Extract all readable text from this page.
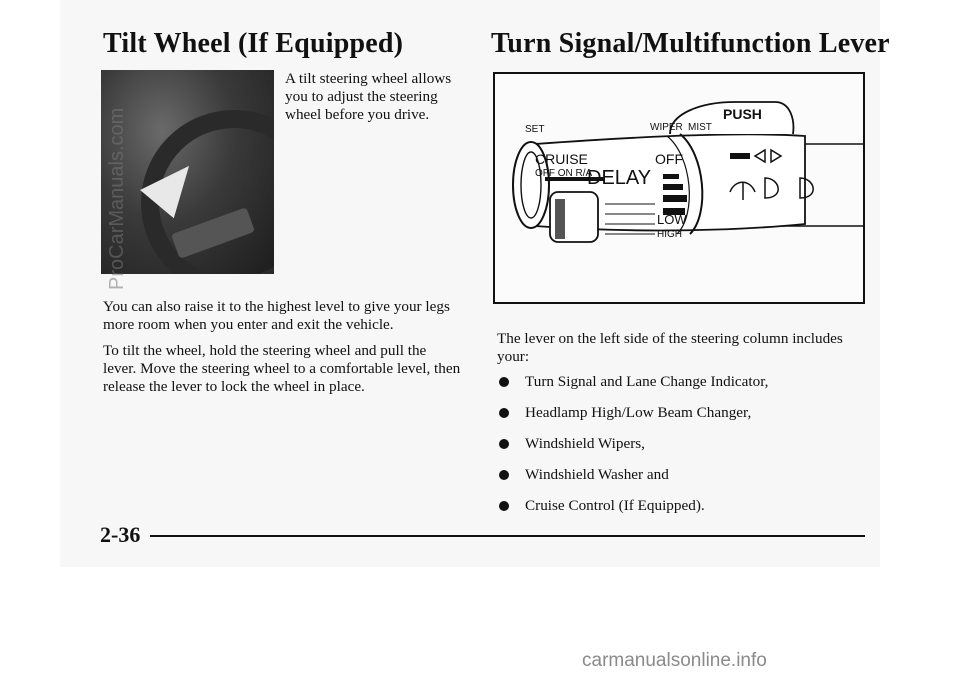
Tilt Wheel (If Equipped)	Turn Signal/Multifunction Lever
A tilt steering wheel allows you to adjust the steering wheel before you drive.
You can also raise it to the highest level to give your legs more room when you enter and exit the vehicle.
To tilt the wheel, hold the steering wheel and pull the lever. Move the steering wheel to a comfortable level, then release the lever to lock the wheel in place.
PUSH
SET	WIPER MIST
CRUISE	OFF
OFF ON R/A
DELAY
LOW
HIGH
The lever on the left side of the steering column includes your:
Turn Signal and Lane Change Indicator,
Headlamp High/Low Beam Changer,
Windshield Wipers,
Windshield Washer and
Cruise Control (If Equipped).
2-36
ProCarManuals.com
carmanualsonline.info
